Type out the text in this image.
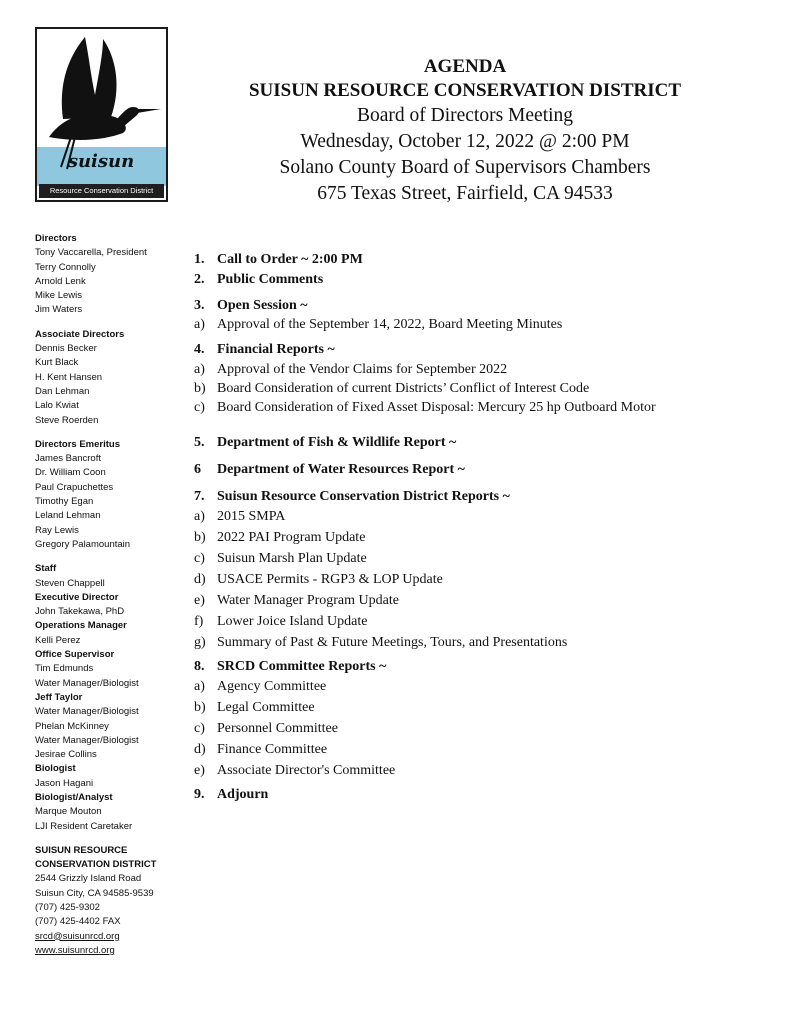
suisun
Resource Conservation District
AGENDA
SUISUN RESOURCE CONSERVATION DISTRICT
Board of Directors Meeting
Wednesday, October 12, 2022 @ 2:00 PM
Solano County Board of Supervisors Chambers
675 Texas Street, Fairfield, CA 94533
Directors
Tony Vaccarella, President
Terry Connolly
Arnold Lenk
Mike Lewis
Jim Waters
Associate Directors
Dennis Becker
Kurt Black
H. Kent Hansen
Dan Lehman
Lalo Kwiat
Steve Roerden
Directors Emeritus
James Bancroft
Dr. William Coon
Paul Crapuchettes
Timothy Egan
Leland Lehman
Ray Lewis
Gregory Palamountain
Staff
Steven Chappell
Executive Director
John Takekawa, PhD
Operations Manager
Kelli Perez
Office Supervisor
Tim Edmunds
Water Manager/Biologist
Jeff Taylor
Water Manager/Biologist
Phelan McKinney
Water Manager/Biologist
Jesirae Collins
Biologist
Jason Hagani
Biologist/Analyst
Marque Mouton
LJI Resident Caretaker
SUISUN RESOURCE
CONSERVATION DISTRICT
2544 Grizzly Island Road
Suisun City, CA 94585-9539
(707) 425-9302
(707) 425-4402 FAX
srcd@suisunrcd.org
www.suisunrcd.org
1. Call to Order ~ 2:00 PM
2. Public Comments
3. Open Session ~
a) Approval of the September 14, 2022, Board Meeting Minutes
4. Financial Reports ~
a) Approval of the Vendor Claims for September 2022
b) Board Consideration of current Districts’ Conflict of Interest Code
c) Board Consideration of Fixed Asset Disposal: Mercury 25 hp Outboard Motor
5. Department of Fish & Wildlife Report ~
6	Department of Water Resources Report ~
7. Suisun Resource Conservation District Reports ~
a) 2015 SMPA
b) 2022 PAI Program Update
c) Suisun Marsh Plan Update
d) USACE Permits - RGP3 & LOP Update
e) Water Manager Program Update
f) Lower Joice Island Update
g) Summary of Past & Future Meetings, Tours, and Presentations
8. SRCD Committee Reports ~
a) Agency Committee
b) Legal Committee
c) Personnel Committee
d) Finance Committee
e) Associate Director's Committee
9. Adjourn
